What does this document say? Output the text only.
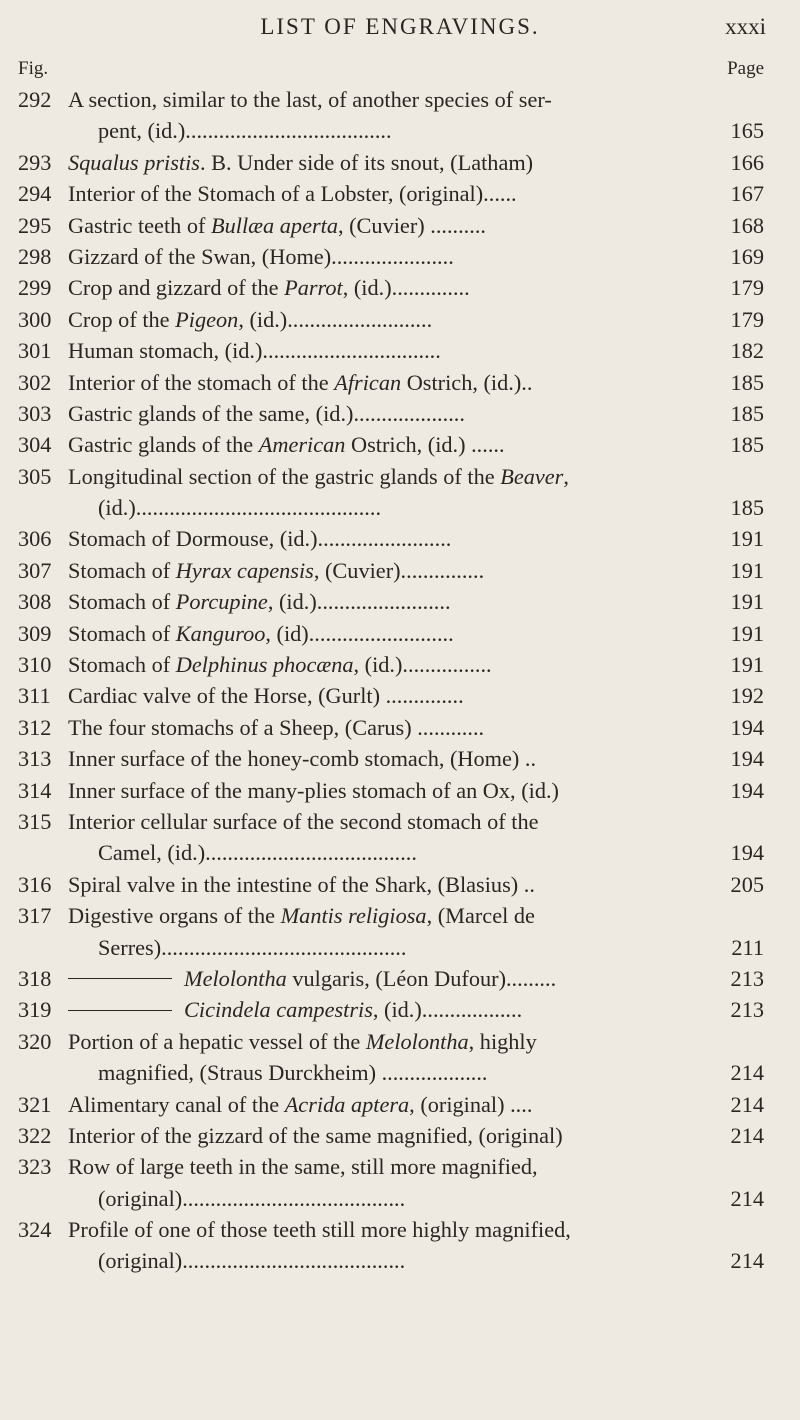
LIST OF ENGRAVINGS.	xxxi
Fig.	Page
292 A section, similar to the last, of another species of ser-
pent, (id.).....................................	165
293 Squalus pristis. B. Under side of its snout, (Latham)	166
294 Interior of the Stomach of a Lobster, (original)......	167
295 Gastric teeth of Bullæa aperta, (Cuvier) ..........	168
298 Gizzard of the Swan, (Home)......................	169
299 Crop and gizzard of the Parrot, (id.)..............	179
300 Crop of the Pigeon, (id.)..........................	179
301 Human stomach, (id.)................................	182
302 Interior of the stomach of the African Ostrich, (id.)..	185
303 Gastric glands of the same, (id.)....................	185
304 Gastric glands of the American Ostrich, (id.) ......	185
305 Longitudinal section of the gastric glands of the Beaver,
(id.)............................................	185
306 Stomach of Dormouse, (id.)........................	191
307 Stomach of Hyrax capensis, (Cuvier)...............	191
308 Stomach of Porcupine, (id.)........................	191
309 Stomach of Kanguroo, (id)..........................	191
310 Stomach of Delphinus phocæna, (id.)................	191
311 Cardiac valve of the Horse, (Gurlt) ..............	192
312 The four stomachs of a Sheep, (Carus) ............	194
313 Inner surface of the honey-comb stomach, (Home) ..	194
314 Inner surface of the many-plies stomach of an Ox, (id.)	194
315 Interior cellular surface of the second stomach of the
Camel, (id.)......................................	194
316 Spiral valve in the intestine of the Shark, (Blasius) ..	205
317 Digestive organs of the Mantis religiosa, (Marcel de
Serres)............................................	211
318	Melolontha vulgaris, (Léon Dufour).........	213
319	Cicindela campestris, (id.)..................	213
320 Portion of a hepatic vessel of the Melolontha, highly
magnified, (Straus Durckheim) ...................	214
321 Alimentary canal of the Acrida aptera, (original) ....	214
322 Interior of the gizzard of the same magnified, (original)	214
323 Row of large teeth in the same, still more magnified,
(original)........................................	214
324 Profile of one of those teeth still more highly magnified,
(original)........................................	214
